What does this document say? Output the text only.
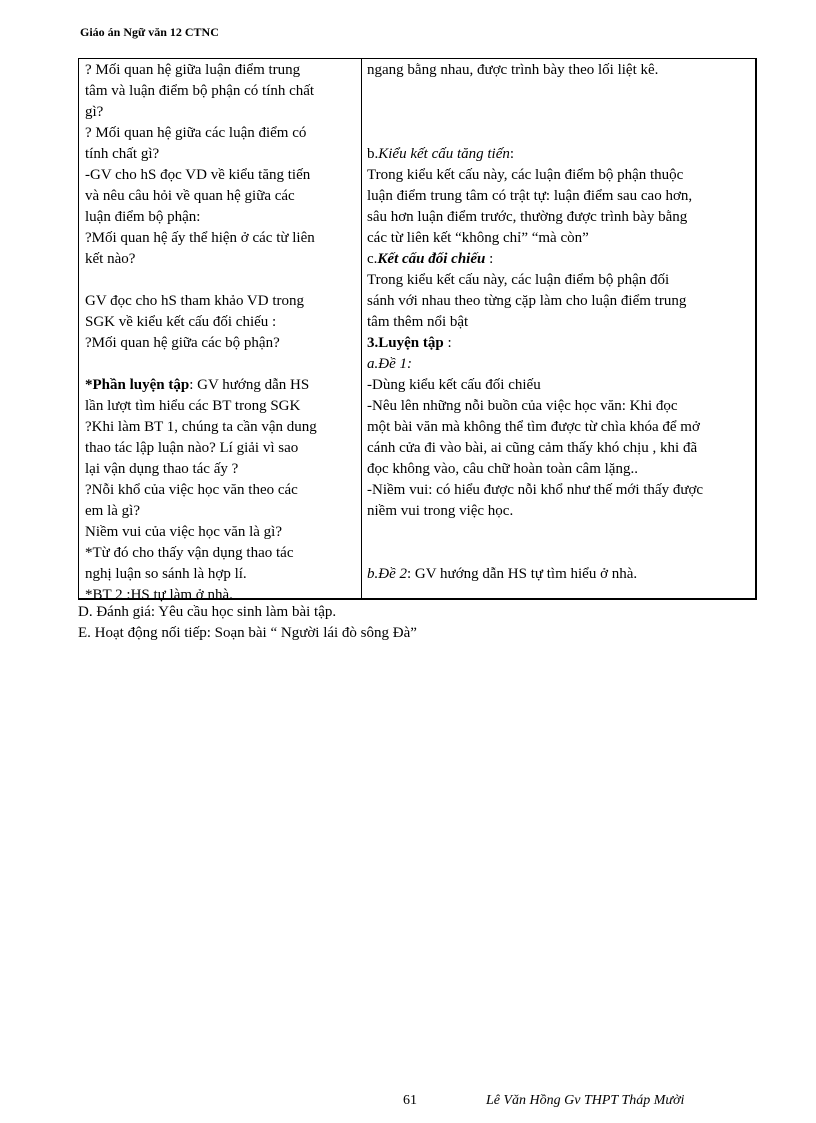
Giáo án Ngữ văn 12 CTNC
? Mối quan hệ giữa luận điểm trung
tâm và luận điểm bộ phận có tính chất
gì?
? Mối quan hệ giữa các luận điểm có
tính chất gì?
-GV cho hS đọc VD về kiểu tăng tiến
và nêu câu hỏi về quan hệ giữa các
luận điểm bộ phận:
?Mối quan hệ ấy thể hiện ở các từ liên
kết nào?
GV đọc cho hS tham khảo VD trong
SGK về kiểu kết cấu đối chiếu :
?Mối quan hệ giữa các bộ phận?
*Phần luyện tập: GV hướng dẫn HS
lần lượt tìm hiểu các BT trong SGK
?Khi làm BT 1, chúng ta cần vận dung
thao tác lập luận nào? Lí giải vì sao
lại vận dụng thao tác ấy ?
?Nỗi khổ của việc học văn theo các
em là gì?
Niềm vui của việc học văn là gì?
*Từ đó cho thấy vận dụng thao tác
nghị luận so sánh là hợp lí.
*BT 2 :HS tự làm ở nhà.
ngang bằng nhau, được trình bày theo lối liệt kê.
b.Kiểu kết cấu tăng tiến:
Trong kiểu kết cấu này, các luận điểm bộ phận thuộc
luận điểm trung tâm có trật tự: luận điểm sau cao hơn,
sâu hơn luận điểm trước, thường được trình bày bằng
các từ liên kết “không chỉ” “mà còn”
c.Kết cấu đối chiếu :
Trong kiểu kết cấu này, các luận điểm bộ phận đối
sánh với nhau theo từng cặp làm cho luận điểm trung
tâm thêm nổi bật
3.Luyện tập :
a.Đề 1:
-Dùng kiểu kết cấu đối chiếu
-Nêu lên những nỗi buồn của việc học văn: Khi đọc
một bài văn mà không thể tìm được từ chìa khóa để mở
cánh cửa đi vào bài, ai cũng cảm thấy khó chịu , khi đã
đọc không vào, câu chữ hoàn toàn câm lặng..
-Niềm vui: có hiểu được nỗi khổ như thế mới thấy được
niềm vui trong việc học.
b.Đề 2: GV hướng dẫn HS tự tìm hiểu ở nhà.
D. Đánh giá: Yêu cầu học sinh làm bài tập.
E. Hoạt động nối tiếp: Soạn bài “ Người lái đò sông Đà”
61	Lê Văn Hồng Gv THPT Tháp Mười
